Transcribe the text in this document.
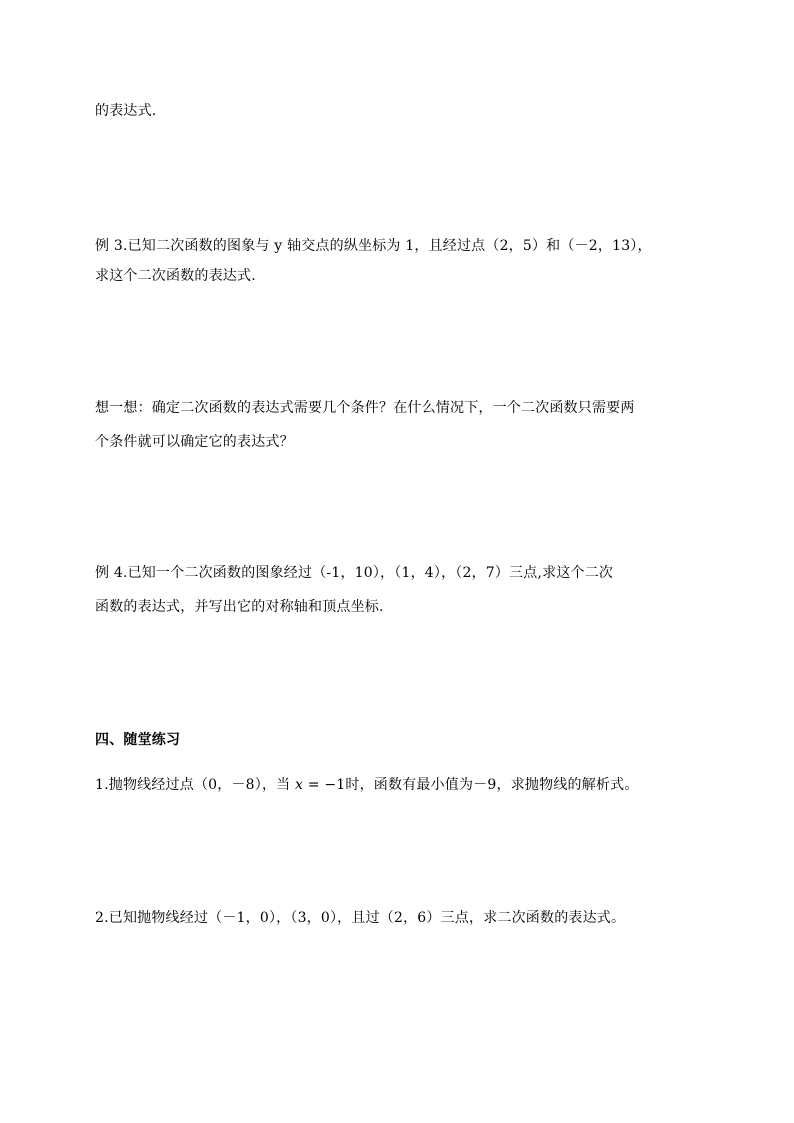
的表达式.
例 3.已知二次函数的图象与 y 轴交点的纵坐标为 1，且经过点（2，5）和（－2，13），
求这个二次函数的表达式.
想一想：确定二次函数的表达式需要几个条件？在什么情况下，一个二次函数只需要两
个条件就可以确定它的表达式？
例 4.已知一个二次函数的图象经过（-1，10），（1，4），（2，7）三点,求这个二次
函数的表达式，并写出它的对称轴和顶点坐标.
四、随堂练习
1.抛物线经过点（0，－8），当 x = −1时，函数有最小值为－9，求抛物线的解析式。
2.已知抛物线经过（－1，0），（3，0），且过（2，6）三点，求二次函数的表达式。
